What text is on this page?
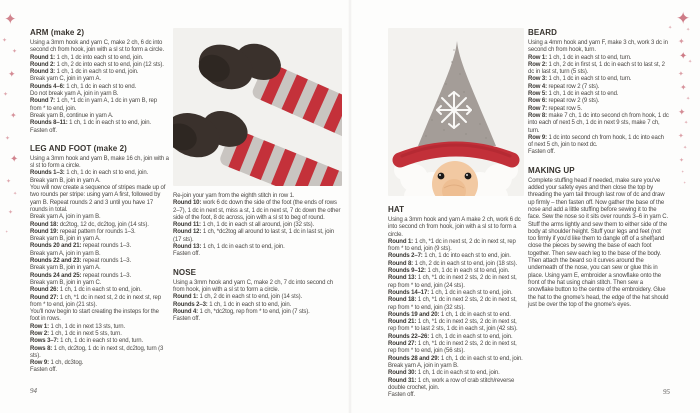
✦
✦
✦
✦
✦
✦
✦
✦
✦
✦
✦
✦
✦
✦	✦
✦
✦ ✦
✦
✦
✦
✦
✦
✦
✦
✦
✦
✦
ARM (make 2)

Using a 3mm hook and yarn C, make 2 ch, 6 dc into second ch from hook, join with a sl st to form a circle.

Round 1: 1 ch, 1 dc into each st to end, join.

Round 2: 1 ch, 2 dc into each st to end, join (12 sts).

Round 3: 1 ch, 1 dc in each st to end, join.

Break yarn C, join in yarn A.

Rounds 4–6: 1 ch, 1 dc in each st to end.

Do not break yarn A, join in yarn B.

Round 7: 1 ch, *1 dc in yarn A, 1 dc in yarn B, rep from * to end, join.

Break yarn B, continue in yarn A.

Rounds 8–11: 1 ch, 1 dc in each st to end, join.

Fasten off.

LEG AND FOOT (make 2)

Using a 3mm hook and yarn B, make 16 ch, join with a sl st to form a circle.

Rounds 1–3: 1 ch, 1 dc in each st to end, join.

Break yarn B, join in yarn A.

You will now create a sequence of stripes made up of two rounds per stripe: using yarn A first, followed by yarn B. Repeat rounds 2 and 3 until you have 17 rounds in total.

Break yarn A, join in yarn B.

Round 18: dc2tog, 12 dc, dc2tog, join (14 sts).

Round 19: repeat pattern for rounds 1–3.

Break yarn B, join in yarn A.

Rounds 20 and 21: repeat rounds 1–3.

Break yarn A, join in yarn B.

Rounds 22 and 23: repeat rounds 1–3.

Break yarn B, join in yarn A.

Rounds 24 and 25: repeat rounds 1–3.

Break yarn B, join in yarn C.

Round 26: 1 ch, 1 dc in each st to end, join.

Round 27: 1 ch, *1 dc in next st, 2 dc in next st, rep from * to end, join (21 sts).

You'll now begin to start creating the insteps for the foot in rows.

Row 1: 1 ch, 1 dc in next 13 sts, turn.

Row 2: 1 ch, 1 dc in next 5 sts, turn.

Rows 3–7: 1 ch, 1 dc in each st to end, turn.

Rows 8: 1 ch, dc2tog, 1 dc in next st, dc2tog, turn (3 sts).

Row 9: 1 ch, dc3tog.

Fasten off.

Re-join your yarn from the eighth stitch in row 1.

Round 10: work 6 dc down the side of the foot (the ends of rows 2–7), 1 dc in next st, miss a st, 1 dc in next st, 7 dc down the other side of the foot, 8 dc across, join with a sl st to beg of round.

Round 11: 1 ch, 1 dc in each st all around, join (32 sts).

Round 12: 1 ch, *dc2tog all around to last st, 1 dc in last st, join (17 sts).

Round 13: 1 ch, 1 dc in each st to end, join.

Fasten off.

NOSE

Using a 3mm hook and yarn C, make 2 ch, 7 dc into second ch from hook, join with a sl st to form a circle.

Round 1: 1 ch, 2 dc in each st to end, join (14 sts).

Rounds 2–3: 1 ch, 1 dc in each st to end, join.

Round 4: 1 ch, *dc2tog, rep from * to end, join (7 sts).

Fasten off.

HAT

Using a 3mm hook and yarn A make 2 ch, work 6 dc into second ch from hook, join with a sl st to form a circle.

Round 1: 1 ch, *1 dc in next st, 2 dc in next st, rep from * to end, join (9 sts).

Rounds 2–7: 1 ch, 1 dc into each st to end, join.

Round 8: 1 ch, 2 dc in each st to end, join (18 sts).

Rounds 9–12: 1 ch, 1 dc in each st to end, join.

Round 13: 1 ch, *1 dc in next 2 sts, 2 dc in next st, rep from * to end, join (24 sts).

Rounds 14–17: 1 ch, 1 dc in each st to end, join.

Round 18: 1 ch, *1 dc in next 2 sts, 2 dc in next st, rep from * to end, join (32 sts).

Rounds 19 and 20: 1 ch, 1 dc in each st to end.

Round 21: 1 ch, *1 dc in next 2 sts, 2 dc in next st, rep from * to last 2 sts, 1 dc in each st, join (42 sts).

Rounds 22–26: 1 ch, 1 dc in each st to end, join.

Round 27: 1 ch, *1 dc in next 2 sts, 2 dc in next st, rep from * to end, join (56 sts).

Rounds 28 and 29: 1 ch, 1 dc in each st to end, join.

Break yarn A, join in yarn B.

Round 30: 1 ch, 1 dc in each st to end, join.

Round 31: 1 ch, work a row of crab stitch/reverse double crochet, join.

Fasten off.

BEARD

Using a 4mm hook and yarn F, make 3 ch, work 3 dc in second ch from hook, turn.

Row 1: 1 ch, 1 dc in each st to end, turn.

Row 2: 1 ch, 2 dc in first st, 1 dc in each st to last st, 2 dc in last st, turn (5 sts).

Row 3: 1 ch, 1 dc in each st to end, turn.

Row 4: repeat row 2 (7 sts).

Row 5: 1 ch, 1 dc in each st to end.

Row 6: repeat row 2 (9 sts).

Row 7: repeat row 5.

Row 8: make 7 ch, 1 dc into second ch from hook, 1 dc into each of next 5 ch, 1 dc in next 9 sts, make 7 ch, turn.

Row 9: 1 dc into second ch from hook, 1 dc into each of next 5 ch, join to next dc.

Fasten off.

MAKING UP

Complete stuffing head if needed, make sure you've added your safety eyes and then close the top by threading the yarn tail through last row of dc and draw up firmly – then fasten off. Now gather the base of the nose and add a little stuffing before sewing it to the face. Sew the nose so it sits over rounds 3–6 in yarn C. Stuff the arms lightly and sew them to either side of the body at shoulder height. Stuff your legs and feet (not too firmly if you'd like them to dangle off of a shelf)and close the pieces by sewing the base of each foot together. Then sew each leg to the base of the body. Then attach the beard so it curves around the underneath of the nose, you can sew or glue this in place. Using yarn E, embroider a snowflake onto the front of the hat using chain stitch. Then sew a snowflake button to the centre of the embroidery. Glue the hat to the gnome's head, the edge of the hat should just be over the top of the gnome's eyes.

94	95
